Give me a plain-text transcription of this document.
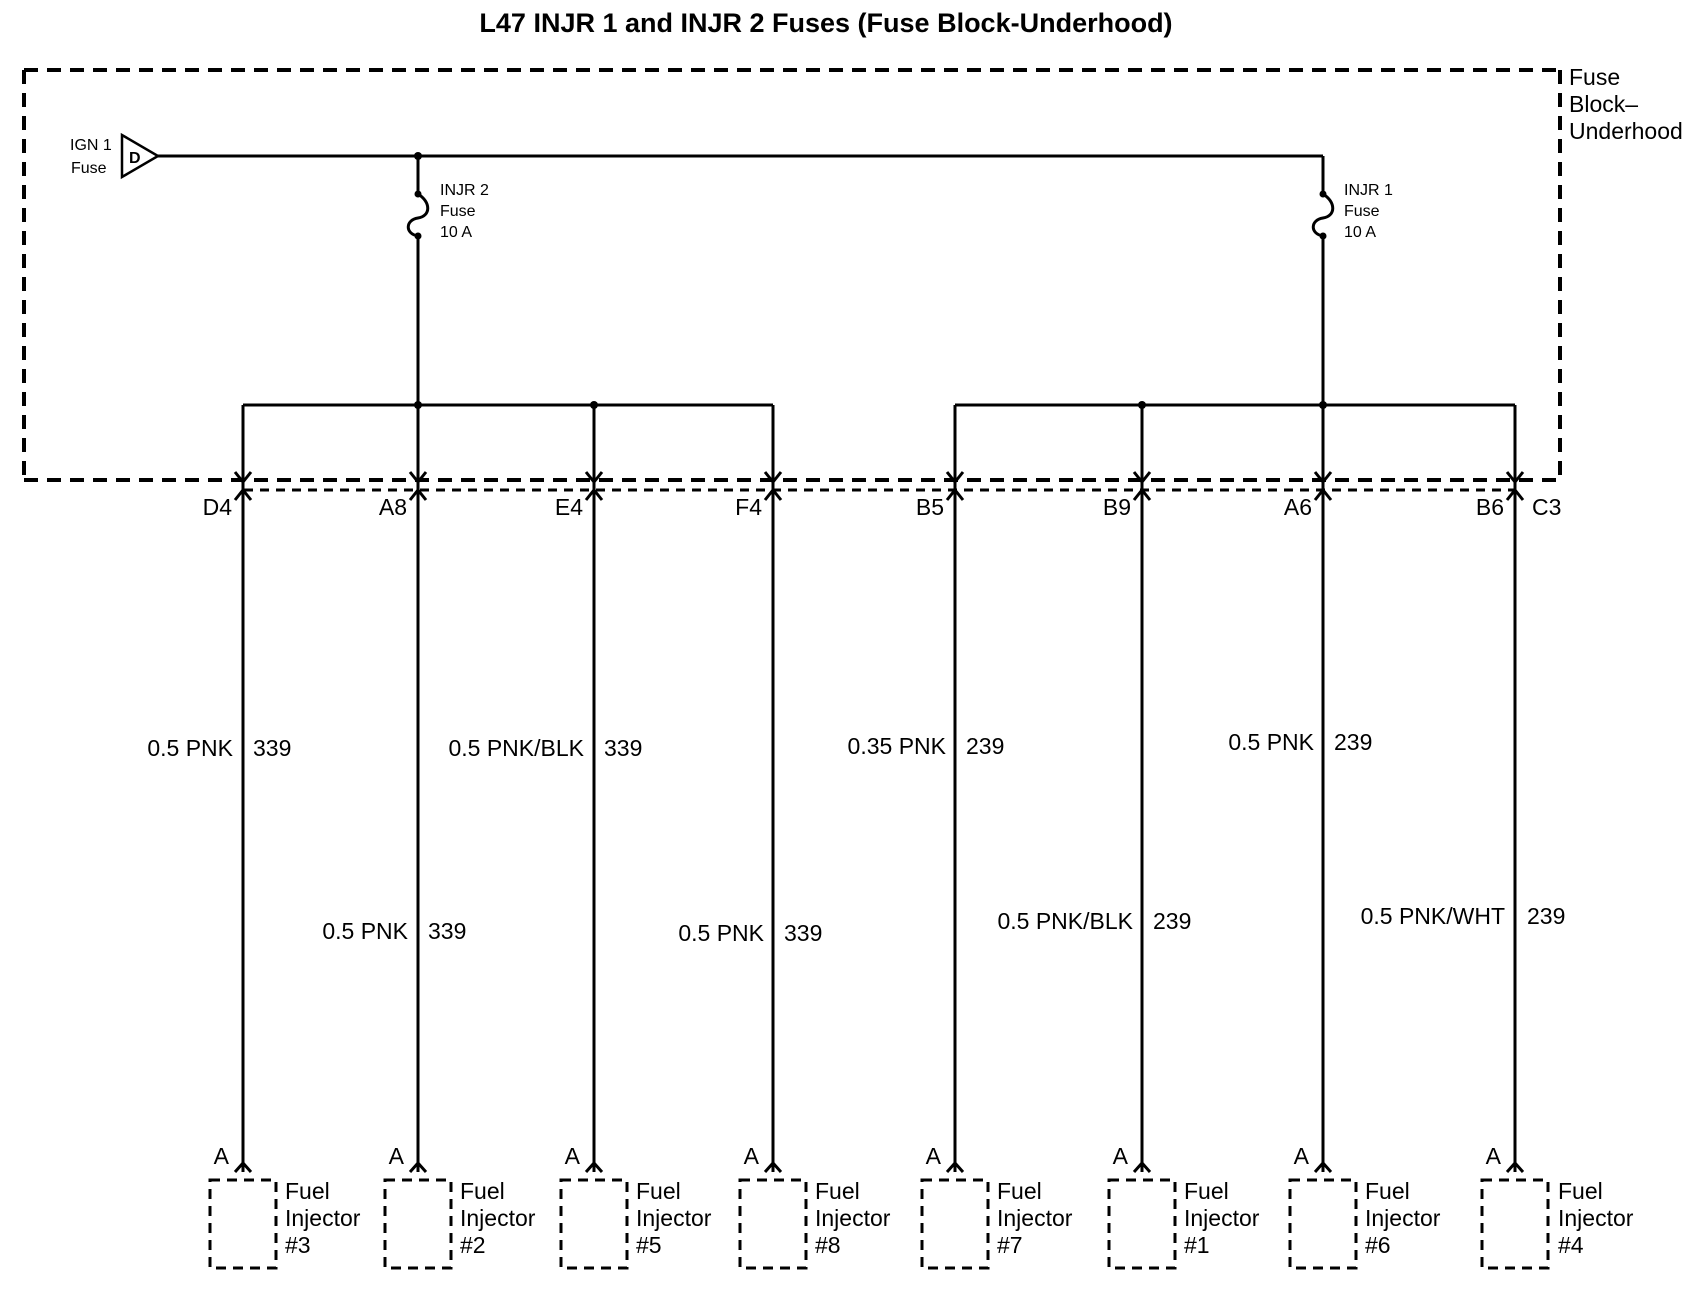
L47 INJR 1 and INJR 2 Fuses (Fuse Block-Underhood)
Fuse
Block–
Underhood
C3
D
IGN 1
Fuse
INJR 2
Fuse
10 A
INJR 1
Fuse
10 A
D4
0.5 PNK 339
A
Fuel
Injector
#3
A8
0.5 PNK/BLK 339
A
Fuel
Injector
#2
E4
0.5 PNK 339
A
Fuel
Injector
#5
F4
0.5 PNK 339
A
Fuel
Injector
#8
B5
0.35 PNK 239
A
Fuel
Injector
#7
B9
0.5 PNK/BLK 239
A
Fuel
Injector
#1
A6
0.5 PNK 239
A
Fuel
Injector
#6
B6
0.5 PNK/WHT 239
A
Fuel
Injector
#4
